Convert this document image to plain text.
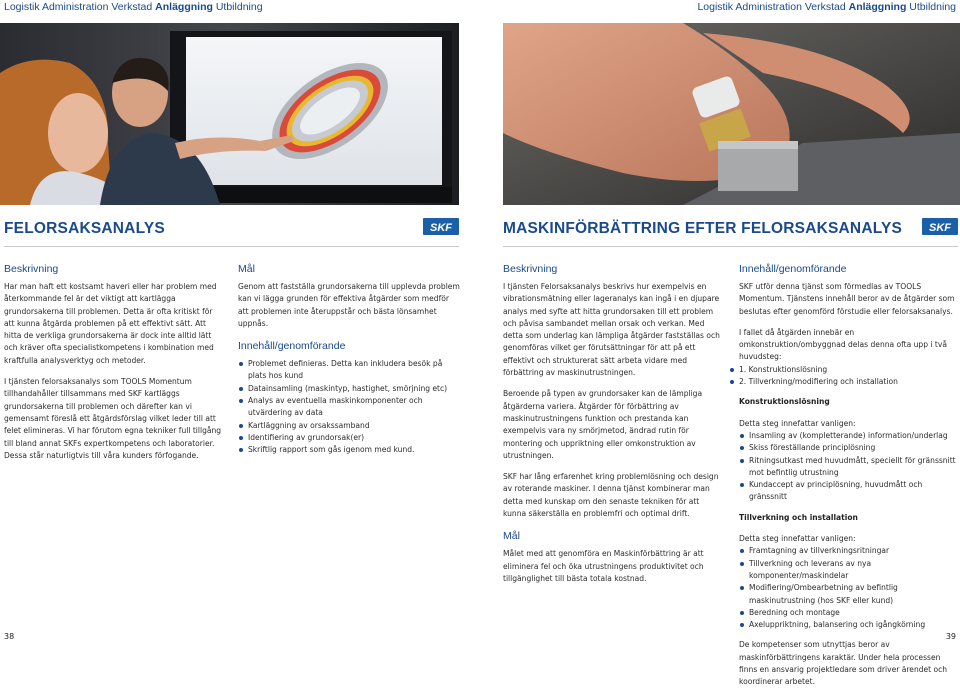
Logistik Administration Verkstad Anläggning Utbildning	Logistik Administration Verkstad Anläggning Utbildning
FELORSAKSANALYS	SKF	MASKINFÖRBÄTTRING EFTER FELORSAKSANALYS SKF
Beskrivning

Har man haft ett kostsamt haveri eller har problem med återkommande fel är det viktigt att kartlägga grundorsakerna till problemen. Detta är ofta kritiskt för att kunna åtgärda problemen på ett effektivt sätt. Att hitta de verkliga grundorsakerna är dock inte alltid lätt och kräver ofta specialistkompetens i kombination med kraftfulla analysverktyg och metoder.

I tjänsten felorsaksanalys som TOOLS Momentum tillhandahåller tillsammans med SKF kartläggs grundorsakerna till problemen och därefter kan vi gemensamt föreslå ett åtgärdsförslag vilket leder till att felet elimineras. Vi har förutom egna tekniker full tillgång till bland annat SKFs expertkompetens och laboratorier. Dessa står naturligtvis till våra kunders förfogande.

Mål

Genom att fastställa grundorsakerna till upplevda problem kan vi lägga grunden för effektiva åtgärder som medför att problemen inte återuppstår och bästa lönsamhet uppnås.

Innehåll/genomförande
Problemet definieras. Detta kan inkludera besök på plats hos kund
Datainsamling (maskintyp, hastighet, smörjning etc)
Analys av eventuella maskinkomponenter och utvärdering av data
Kartläggning av orsakssamband
Identifiering av grundorsak(er)
Skriftlig rapport som gås igenom med kund.
Beskrivning

I tjänsten Felorsaksanalys beskrivs hur exempelvis en vibrationsmätning eller lageranalys kan ingå i en djupare analys med syfte att hitta grundorsaken till ett problem och påvisa sambandet mellan orsak och verkan. Med detta som underlag kan lämpliga åtgärder fastställas och genomföras vilket ger förutsättningar för att på ett effektivt och strukturerat sätt arbeta vidare med förbättring av maskinutrustningen.

Beroende på typen av grundorsaker kan de lämpliga åtgärderna variera. Åtgärder för förbättring av maskinutrustningens funktion och prestanda kan exempelvis vara ny smörjmetod, ändrad rutin för montering och uppriktning eller omkonstruktion av utrustningen.

SKF har lång erfarenhet kring problemlösning och design av roterande maskiner. I denna tjänst kombinerar man detta med kunskap om den senaste tekniken för att kunna säkerställa en problemfri och optimal drift.

Mål

Målet med att genomföra en Maskinförbättring är att eliminera fel och öka utrustningens produktivitet och tillgänglighet till bästa totala kostnad.

Innehåll/genomförande

SKF utför denna tjänst som förmedlas av TOOLS Momentum. Tjänstens innehåll beror av de åtgärder som beslutas efter genomförd förstudie eller felorsaksanalys.

I fallet då åtgärden innebär en omkonstruktion/ombyggnad delas denna ofta upp i två huvudsteg:

1. Konstruktionslösning
2. Tillverkning/modifiering och installation

Konstruktionslösning

Detta steg innefattar vanligen:

Insamling av (kompletterande) information/underlag
Skiss föreställande principlösning
Ritningsutkast med huvudmått, speciellt för gränssnitt mot befintlig utrustning
Kundaccept av principlösning, huvudmått och gränssnitt

Tillverkning och installation

Detta steg innefattar vanligen:

Framtagning av tillverkningsritningar
Tillverkning och leverans av nya komponenter/maskindelar
Modifiering/Ombearbetning av befintlig maskinutrustning (hos SKF eller kund)
Beredning och montage
Axeluppriktning, balansering och igångkörning

De kompetenser som utnyttjas beror av maskinförbättringens karaktär. Under hela processen finns en ansvarig projektledare som driver ärendet och koordinerar arbetet.

38	39
